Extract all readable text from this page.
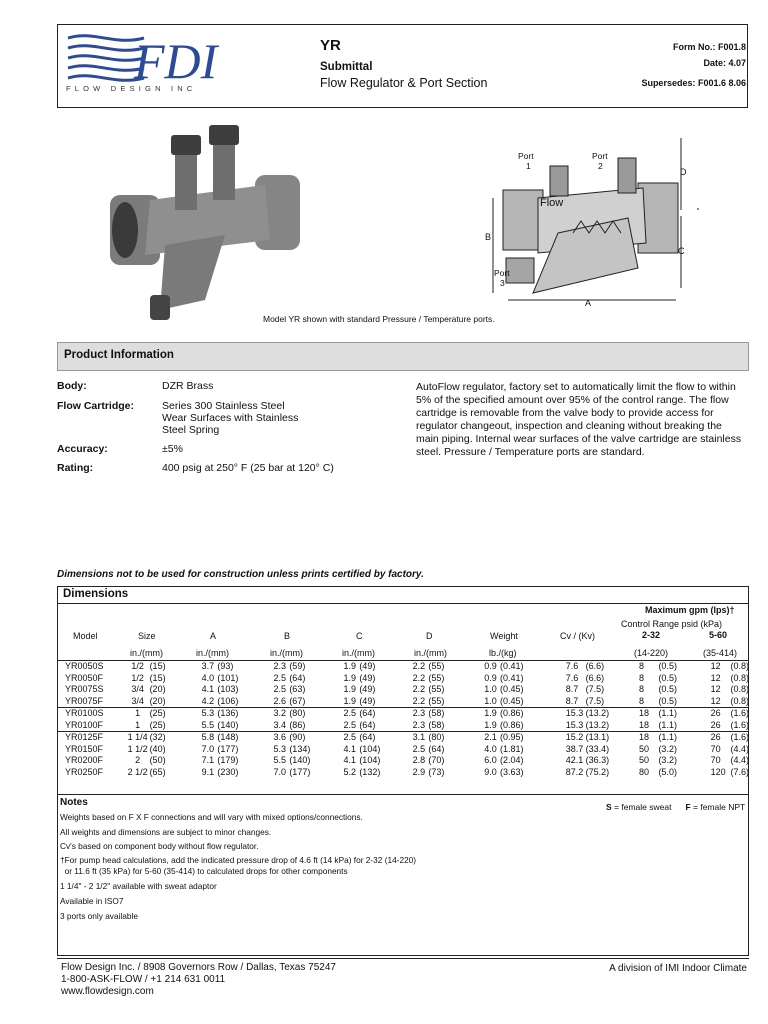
FDI
FLOW DESIGN INC
YR
Submittal
Flow Regulator & Port Section
Form No.: F001.8
Date: 4.07
Supersedes: F001.6 8.06
Port
1
Port
2
Port
3
Flow
A
B
C
D
Model YR shown with standard Pressure / Temperature ports.
Product Information
Body:	DZR Brass
Flow Cartridge:	Series 300 Stainless Steel
Wear Surfaces with Stainless
Steel Spring
Accuracy:	±5%
Rating:	400 psig at 250° F (25 bar at 120° C)
AutoFlow regulator, factory set to automatically limit the flow to within 5% of the specified amount over 95% of the control range. The flow cartridge is removable from the valve body to provide access for regulator changeout, inspection and cleaning without breaking the main piping. Internal wear surfaces of the valve cartridge are stainless steel. Pressure / Temperature ports are standard.
Dimensions not to be used for construction unless prints certified by factory.
Dimensions
Maximum gpm (lps)†
Control Range psid (kPa)
2-32	5-60
Model	Size	A	B	C	D	Weight	Cv / (Kv)
in./(mm)	in./(mm)	in./(mm)	in./(mm)	in./(mm)	lb./(kg)	(14-220)	(35-414)
YR0050S	1/2	(15)	3.7	(93)	2.3	(59)	1.9	(49)	2.2	(55)	0.9	(0.41)	7.6	(6.6)	8	(0.5)	12	(0.8)
YR0050F	1/2	(15)	4.0	(101)	2.5	(64)	1.9	(49)	2.2	(55)	0.9	(0.41)	7.6	(6.6)	8	(0.5)	12	(0.8)
YR0075S	3/4	(20)	4.1	(103)	2.5	(63)	1.9	(49)	2.2	(55)	1.0	(0.45)	8.7	(7.5)	8	(0.5)	12	(0.8)
YR0075F	3/4	(20)	4.2	(106)	2.6	(67)	1.9	(49)	2.2	(55)	1.0	(0.45)	8.7	(7.5)	8	(0.5)	12	(0.8)
YR0100S	1	(25)	5.3	(136)	3.2	(80)	2.5	(64)	2.3	(58)	1.9	(0.86)	15.3	(13.2)	18	(1.1)	26	(1.6)
YR0100F	1	(25)	5.5	(140)	3.4	(86)	2.5	(64)	2.3	(58)	1.9	(0.86)	15.3	(13.2)	18	(1.1)	26	(1.6)
YR0125F	1 1/4	(32)	5.8	(148)	3.6	(90)	2.5	(64)	3.1	(80)	2.1	(0.95)	15.2	(13.1)	18	(1.1)	26	(1.6)
YR0150F	1 1/2	(40)	7.0	(177)	5.3	(134)	4.1	(104)	2.5	(64)	4.0	(1.81)	38.7	(33.4)	50	(3.2)	70	(4.4)
YR0200F	2	(50)	7.1	(179)	5.5	(140)	4.1	(104)	2.8	(70)	6.0	(2.04)	42.1	(36.3)	50	(3.2)	70	(4.4)
YR0250F	2 1/2	(65)	9.1	(230)	7.0	(177)	5.2	(132)	2.9	(73)	9.0	(3.63)	87.2	(75.2)	80	(5.0)	120	(7.6)
Notes	S = female sweat F = female NPT
Weights based on F X F connections and will vary with mixed options/connections.
All weights and dimensions are subject to minor changes.
Cv's based on component body without flow regulator.
†For pump head calculations, add the indicated pressure drop of 4.6 ft (14 kPa) for 2-32 (14-220)
or 11.6 ft (35 kPa) for 5-60 (35-414) to calculated drops for other components
1 1/4" - 2 1/2" available with sweat adaptor
Available in ISO7
3 ports only available
Flow Design Inc. / 8908 Governors Row / Dallas, Texas 75247
1-800-ASK-FLOW / +1 214 631 0011
www.flowdesign.com
A division of IMI Indoor Climate
